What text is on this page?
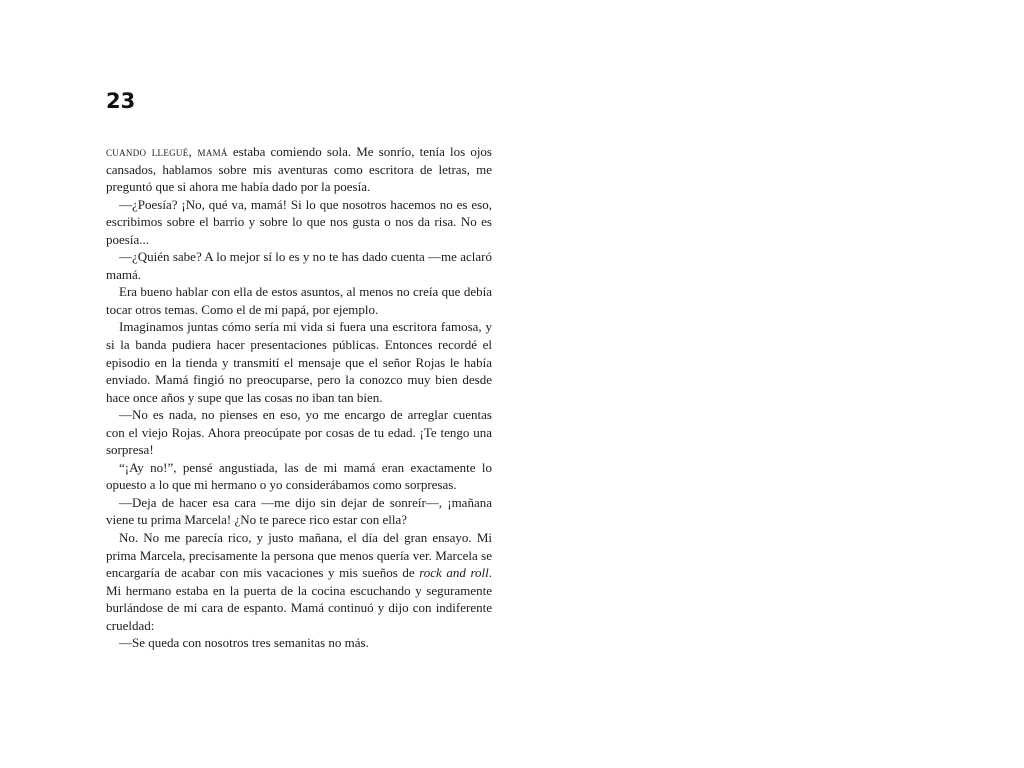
23

cuando llegué, mamá estaba comiendo sola. Me sonrío, tenía los ojos cansados, hablamos sobre mis aventuras como escritora de letras, me preguntó que si ahora me había dado por la poesía.

—¿Poesía? ¡No, qué va, mamá! Si lo que nosotros hacemos no es eso, escribimos sobre el barrio y sobre lo que nos gusta o nos da risa. No es poesía...

—¿Quién sabe? A lo mejor sí lo es y no te has dado cuenta —me aclaró mamá.

Era bueno hablar con ella de estos asuntos, al menos no creía que debía tocar otros temas. Como el de mi papá, por ejemplo.

Imaginamos juntas cómo sería mi vida si fuera una escritora famosa, y si la banda pudiera hacer presentaciones públicas. Entonces recordé el episodio en la tienda y transmití el mensaje que el señor Rojas le había enviado. Mamá fingió no preocuparse, pero la conozco muy bien desde hace once años y supe que las cosas no iban tan bien.

—No es nada, no pienses en eso, yo me encargo de arreglar cuentas con el viejo Rojas. Ahora preocúpate por cosas de tu edad. ¡Te tengo una sorpresa!

“¡Ay no!”, pensé angustiada, las de mi mamá eran exactamente lo opuesto a lo que mi hermano o yo considerábamos como sorpresas.

—Deja de hacer esa cara —me dijo sin dejar de sonreír—, ¡mañana viene tu prima Marcela! ¿No te parece rico estar con ella?

No. No me parecía rico, y justo mañana, el día del gran ensayo. Mi prima Marcela, precisamente la persona que menos quería ver. Marcela se encargaría de acabar con mis vacaciones y mis sueños de rock and roll. Mi hermano estaba en la puerta de la cocina escuchando y seguramente burlándose de mi cara de espanto. Mamá continuó y dijo con indiferente crueldad:

—Se queda con nosotros tres semanitas no más.
